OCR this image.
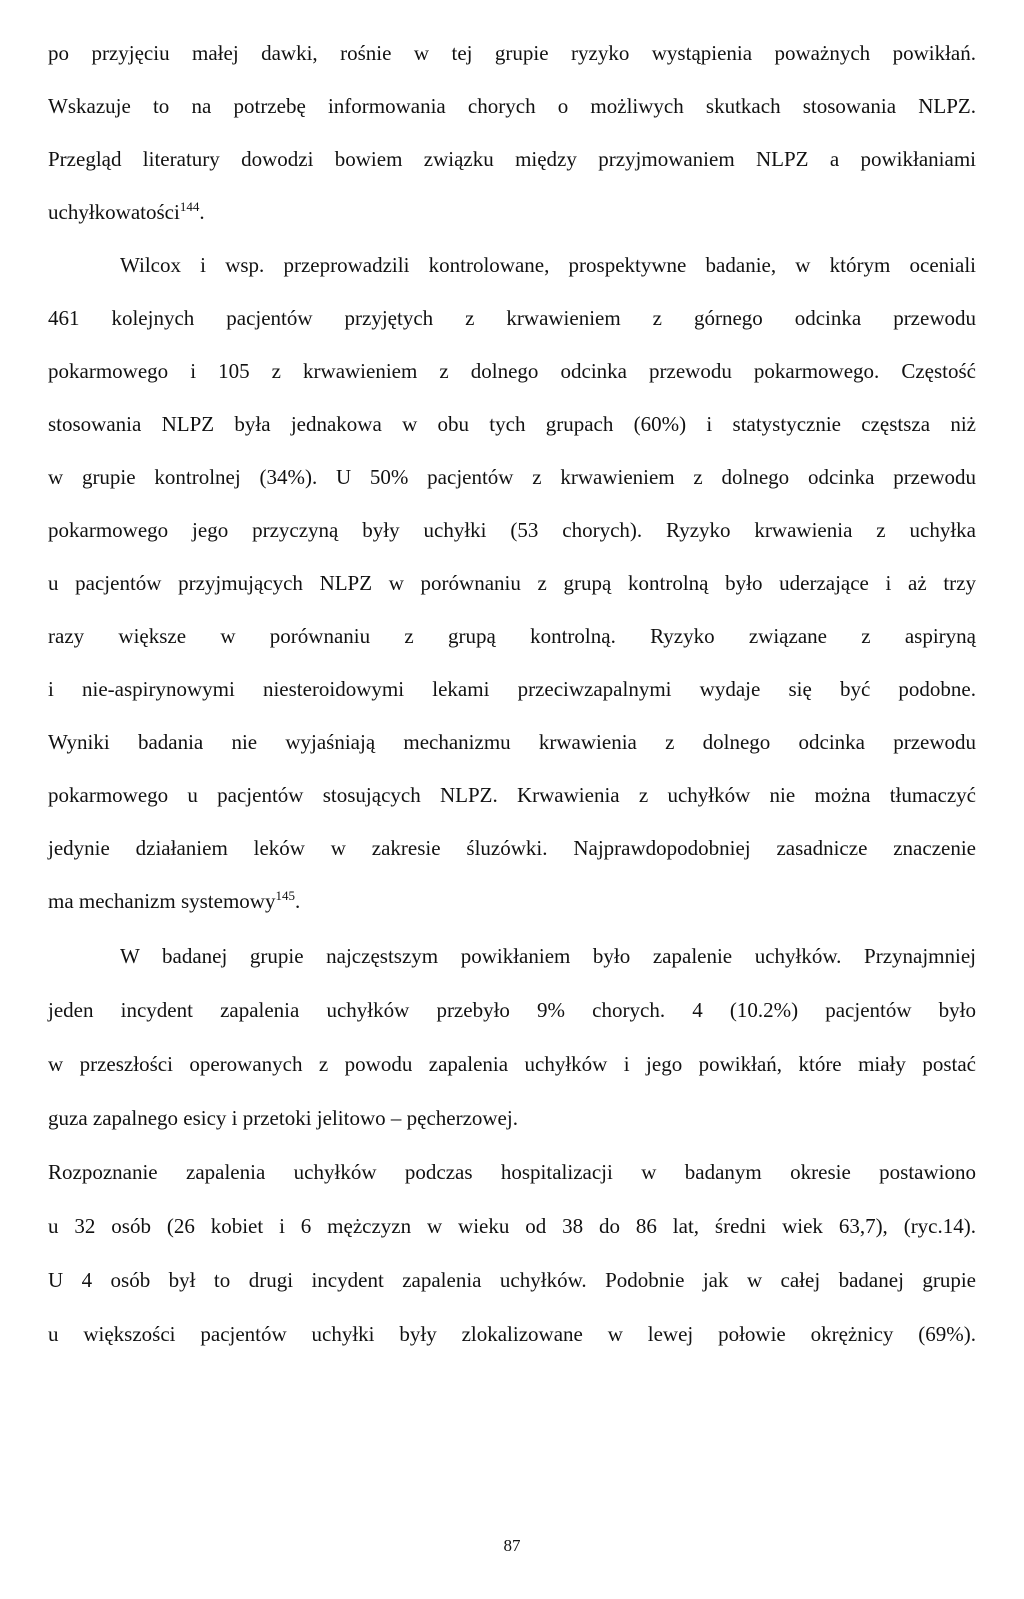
po przyjęciu małej dawki, rośnie w tej grupie ryzyko wystąpienia poważnych powikłań.
Wskazuje to na potrzebę informowania chorych o możliwych skutkach stosowania NLPZ.
Przegląd literatury dowodzi bowiem związku między przyjmowaniem NLPZ a powikłaniami
uchyłkowatości$^{144}$.
Wilcox i wsp. przeprowadzili kontrolowane, prospektywne badanie, w którym oceniali
461 kolejnych pacjentów przyjętych z krwawieniem z górnego odcinka przewodu
pokarmowego i 105 z krwawieniem z dolnego odcinka przewodu pokarmowego. Częstość
stosowania NLPZ była jednakowa w obu tych grupach (60%) i statystycznie częstsza niż
w grupie kontrolnej (34%). U 50% pacjentów z krwawieniem z dolnego odcinka przewodu
pokarmowego jego przyczyną były uchyłki (53 chorych). Ryzyko krwawienia z uchyłka
u pacjentów przyjmujących NLPZ w porównaniu z grupą kontrolną było uderzające i aż trzy
razy większe w porównaniu z grupą kontrolną. Ryzyko związane z aspiryną
i nie-aspirynowymi niesteroidowymi lekami przeciwzapalnymi wydaje się być podobne.
Wyniki badania nie wyjaśniają mechanizmu krwawienia z dolnego odcinka przewodu
pokarmowego u pacjentów stosujących NLPZ. Krwawienia z uchyłków nie można tłumaczyć
jedynie działaniem leków w zakresie śluzówki. Najprawdopodobniej zasadnicze znaczenie
ma mechanizm systemowy$^{145}$.
W badanej grupie najczęstszym powikłaniem było zapalenie uchyłków. Przynajmniej
jeden incydent zapalenia uchyłków przebyło 9% chorych. 4 (10.2%) pacjentów było
w przeszłości operowanych z powodu zapalenia uchyłków i jego powikłań, które miały postać
guza zapalnego esicy i przetoki jelitowo – pęcherzowej.
Rozpoznanie zapalenia uchyłków podczas hospitalizacji w badanym okresie postawiono
u 32 osób (26 kobiet i 6 mężczyzn w wieku od 38 do 86 lat, średni wiek 63,7), (ryc.14).
U 4 osób był to drugi incydent zapalenia uchyłków. Podobnie jak w całej badanej grupie
u większości pacjentów uchyłki były zlokalizowane w lewej połowie okrężnicy (69%).
87
